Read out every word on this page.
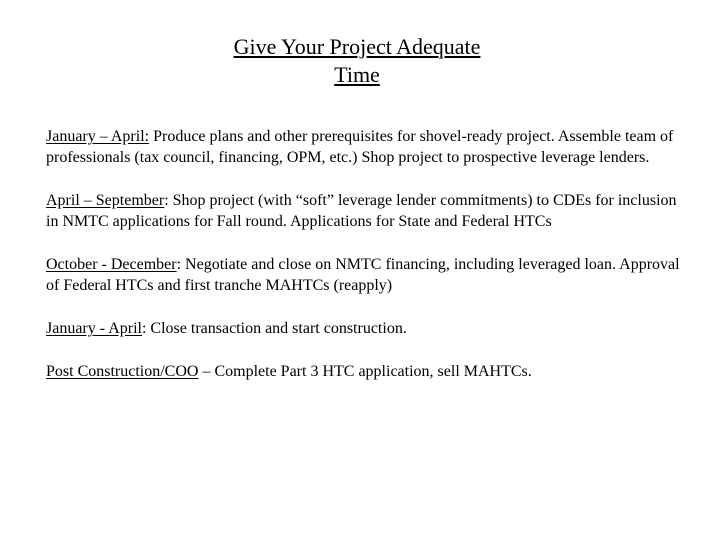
Give Your Project Adequate
Time

January – April: Produce plans and other prerequisites for shovel-ready project. Assemble team of professionals (tax council, financing, OPM, etc.) Shop project to prospective leverage lenders.

April – September: Shop project (with “soft” leverage lender commitments) to CDEs for inclusion in NMTC applications for Fall round. Applications for State and Federal HTCs

October - December: Negotiate and close on NMTC financing, including leveraged loan. Approval of Federal HTCs and first tranche MAHTCs (reapply)

January - April: Close transaction and start construction.

Post Construction/COO – Complete Part 3 HTC application, sell MAHTCs.
